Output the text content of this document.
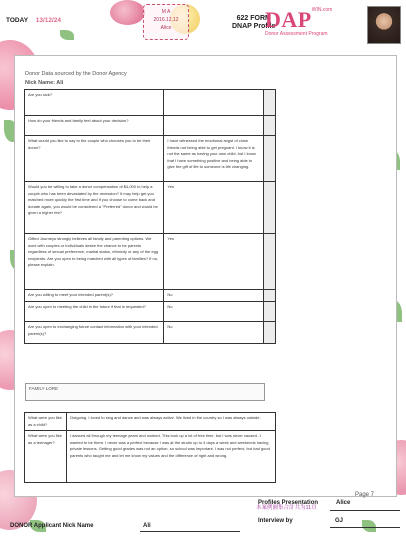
TODAY 13/12/24
M A
2016.12.12
Alice
622 FORM
DNAP Profile
$DAP^{WIN.com}$
Donor Assessment Program
Donor Data sourced by the Donor Agency
Nick Name: Ali
Are you sick?		
How do your friends and family feel about your decision?		
What would you like to say to the couple who chooses you to be their donor?	I have witnessed the emotional angst of close friends not being able to get pregnant. I know it is not the same as having your own child, but I know that I have something positive and being able to give the gift of life to someone is life changing.	
Would you be willing to take a donor compensation of $4,000 to help a couple who has been devastated by the recession? It may help get you matched more quickly the first time and if you choose to come back and donate again, you would be considered a "Preferred" donor and would be given a higher fee?	Yes	
Gifted Journeys strongly believes all family and parenting options. We work with couples or individuals desire the chance to be parents regardless of sexual preference, marital status, ethnicity or any of the egg recipients. Are you open to being matched with all types of families? If no, please explain.	Yes	
Are you willing to meet your intended parent(s)?	No	
Are you open to meeting the child in the future if that is requested?	No	
Are you open to exchanging future contact information with your intended parent(s)?	No	
FAMILY LORE
What were you like as a child?	Outgoing. I loved to sing and dance and was always active. We lived in the country so I was always outside.
What were you like as a teenager?	I danced all through my teenage years and worked. This took up a lot of free time, but I was never caused...I wanted to be there. I never was a perfect because I was at the studio up to 4 days a week and weekends having private lessons. Getting good grades was not an option, so school was important. I was not perfect, but had good parents who taught me and let me know my values and the difference of right and wrong.
Page 7
本案例圖集合計共为11頁
Profiles Presentation	Alice
Interview by	GJ
DONOR Applicant Nick Name	Ali
